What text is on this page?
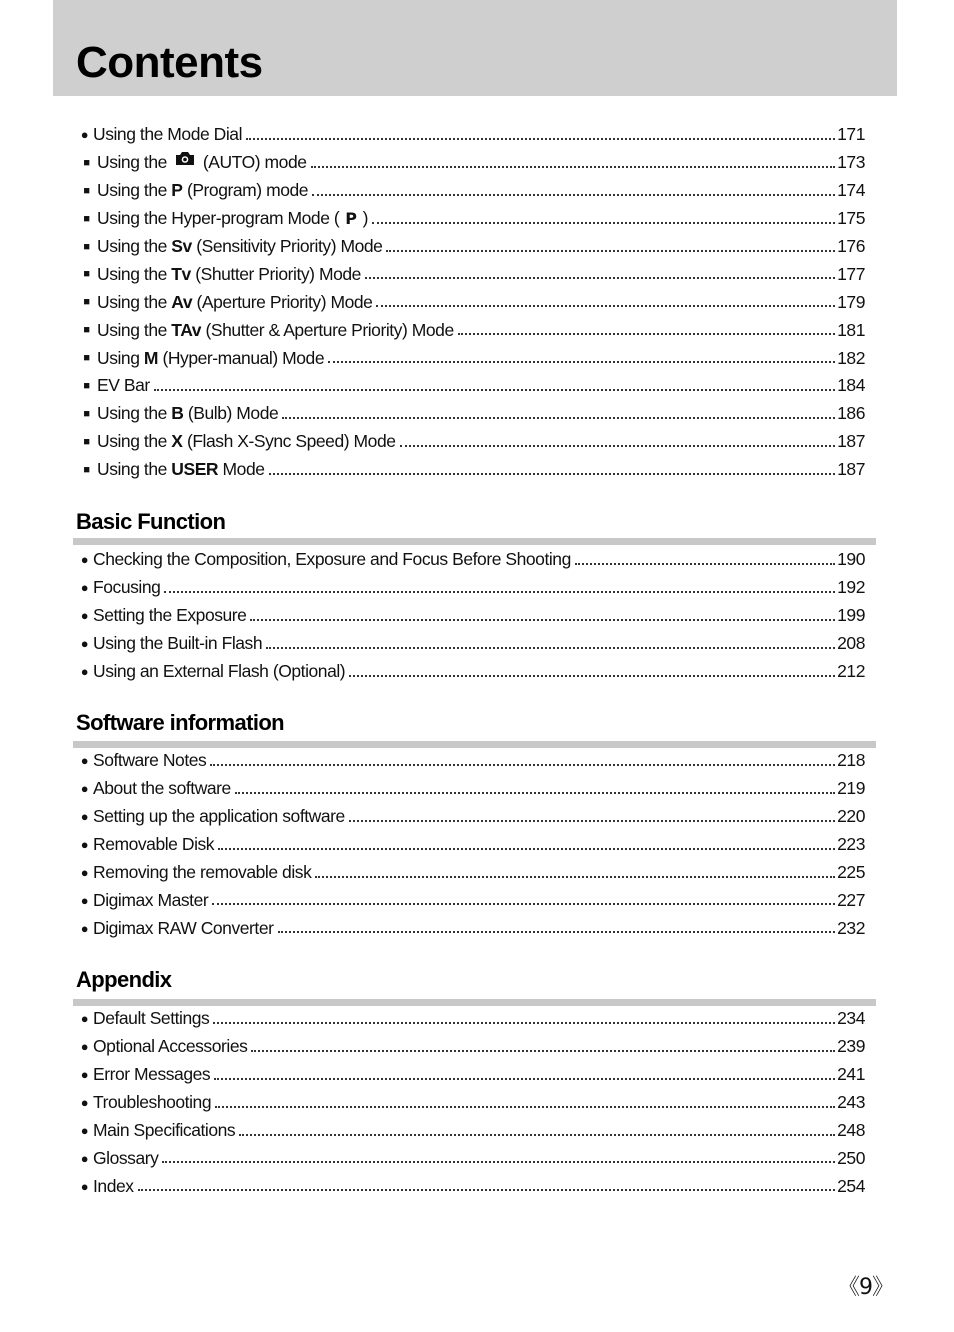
Contents
● Using the Mode Dial	171
■ Using the (AUTO) mode	173
■ Using the P (Program) mode	174
■ Using the Hyper-program Mode ( P )	175
■ Using the Sv (Sensitivity Priority) Mode	176
■ Using the Tv (Shutter Priority) Mode	177
■ Using the Av (Aperture Priority) Mode	179
■ Using the TAv (Shutter & Aperture Priority) Mode	181
■ Using M (Hyper-manual) Mode	182
■ EV Bar	184
■ Using the B (Bulb) Mode	186
■ Using the X (Flash X-Sync Speed) Mode	187
■ Using the USER Mode	187
Basic Function
● Checking the Composition, Exposure and Focus Before Shooting	190
● Focusing	192
● Setting the Exposure	199
● Using the Built-in Flash	208
● Using an External Flash (Optional)	212
Software information
● Software Notes	218
● About the software	219
● Setting up the application software	220
● Removable Disk	223
● Removing the removable disk	225
● Digimax Master	227
● Digimax RAW Converter	232
Appendix
● Default Settings	234
● Optional Accessories	239
● Error Messages	241
● Troubleshooting	243
● Main Specifications	248
● Glossary	250
● Index	254
《9》
